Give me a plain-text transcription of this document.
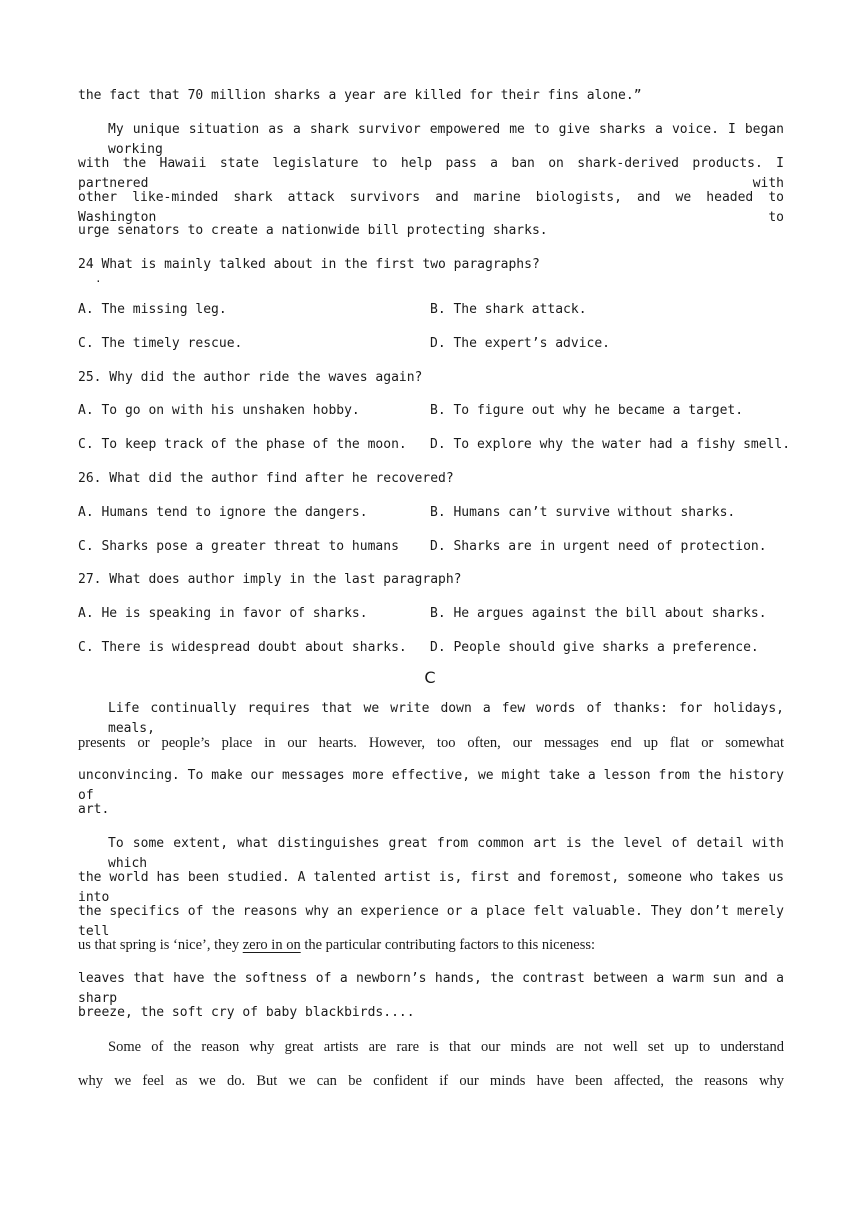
the fact that 70 million sharks a year are killed for their fins alone.”
My unique situation as a shark survivor empowered me to give sharks a voice. I began working
with the Hawaii state legislature to help pass a ban on shark-derived products. I partnered with
other like-minded shark attack survivors and marine biologists, and we headed to Washington to
urge senators to create a nationwide bill protecting sharks.
24 What is mainly talked about in the first two paragraphs?
·
A. The missing leg.	B. The shark attack.
C. The timely rescue.	D. The expert’s advice.
25. Why did the author ride the waves again?
A. To go on with his unshaken hobby.	B. To figure out why he became a target.
C. To keep track of the phase of the moon. D. To explore why the water had a fishy smell.
26. What did the author find after he recovered?
A. Humans tend to ignore the dangers.	B. Humans can’t survive without sharks.
C. Sharks pose a greater threat to humans D. Sharks are in urgent need of protection.
27. What does author imply in the last paragraph?
A. He is speaking in favor of sharks.	B. He argues against the bill about sharks.
C. There is widespread doubt about sharks. D. People should give sharks a preference.
C
Life continually requires that we write down a few words of thanks: for holidays, meals,
presents or people’s place in our hearts. However, too often, our messages end up flat or somewhat
unconvincing. To make our messages more effective, we might take a lesson from the history of
art.
To some extent, what distinguishes great from common art is the level of detail with which
the world has been studied. A talented artist is, first and foremost, someone who takes us into
the specifics of the reasons why an experience or a place felt valuable. They don’t merely tell
us that spring is ‘nice’, they zero in on the particular contributing factors to this niceness:
leaves that have the softness of a newborn’s hands, the contrast between a warm sun and a sharp
breeze, the soft cry of baby blackbirds....
Some of the reason why great artists are rare is that our minds are not well set up to understand
why we feel as we do. But we can be confident if our minds have been affected, the reasons why
